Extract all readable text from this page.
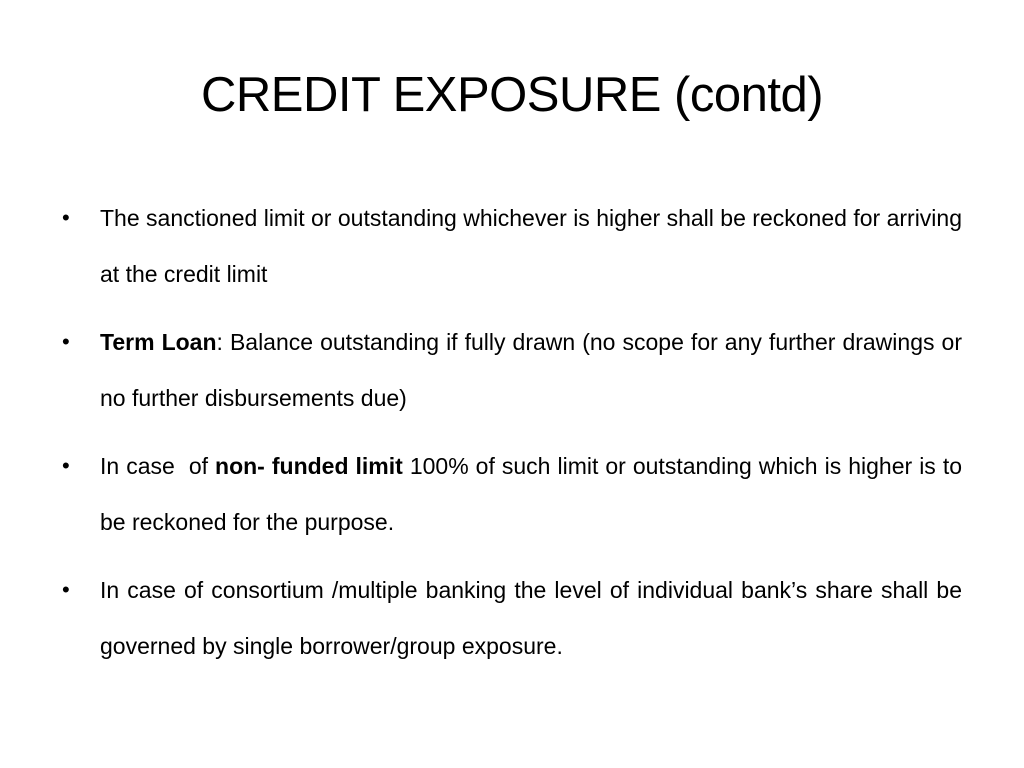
CREDIT EXPOSURE (contd)
• The sanctioned limit or outstanding whichever is higher shall be reckoned for arriving at the credit limit
• Term Loan: Balance outstanding if fully drawn (no scope for any further drawings or no further disbursements due)
• In case  of non- funded limit 100% of such limit or outstanding which is higher is to be reckoned for the purpose.
• In case of consortium /multiple banking the level of individual bank’s share shall be governed by single borrower/group exposure.
